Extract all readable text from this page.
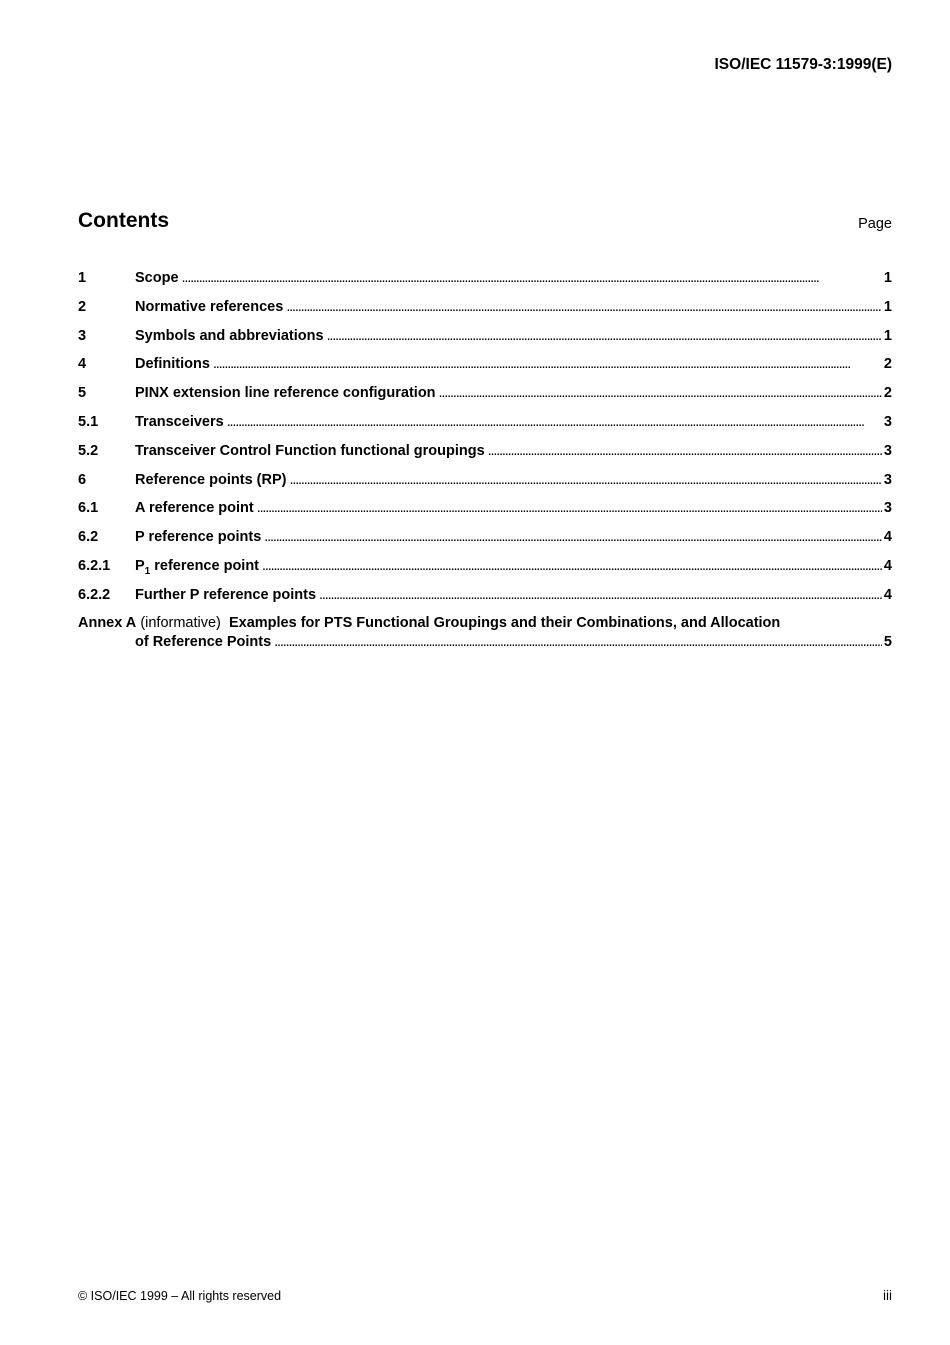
ISO/IEC 11579-3:1999(E)
Contents	Page
1	Scope . . .	1
2	Normative references . . .	1
3	Symbols and abbreviations . . .	1
4	Definitions . . .	2
5	PINX extension line reference configuration . . .	2
5.1	Transceivers . . .	3
5.2	Transceiver Control Function functional groupings . . .	3
6	Reference points (RP) . . .	3
6.1	A reference point . . .	3
6.2	P reference points . . .	4
6.2.1	$P_1$ reference point . . .	4
6.2.2	Further P reference points . . .	4
Annex A (informative) Examples for PTS Functional Groupings and their Combinations, and Allocation
of Reference Points . . .	5
© ISO/IEC 1999 – All rights reserved	iii
